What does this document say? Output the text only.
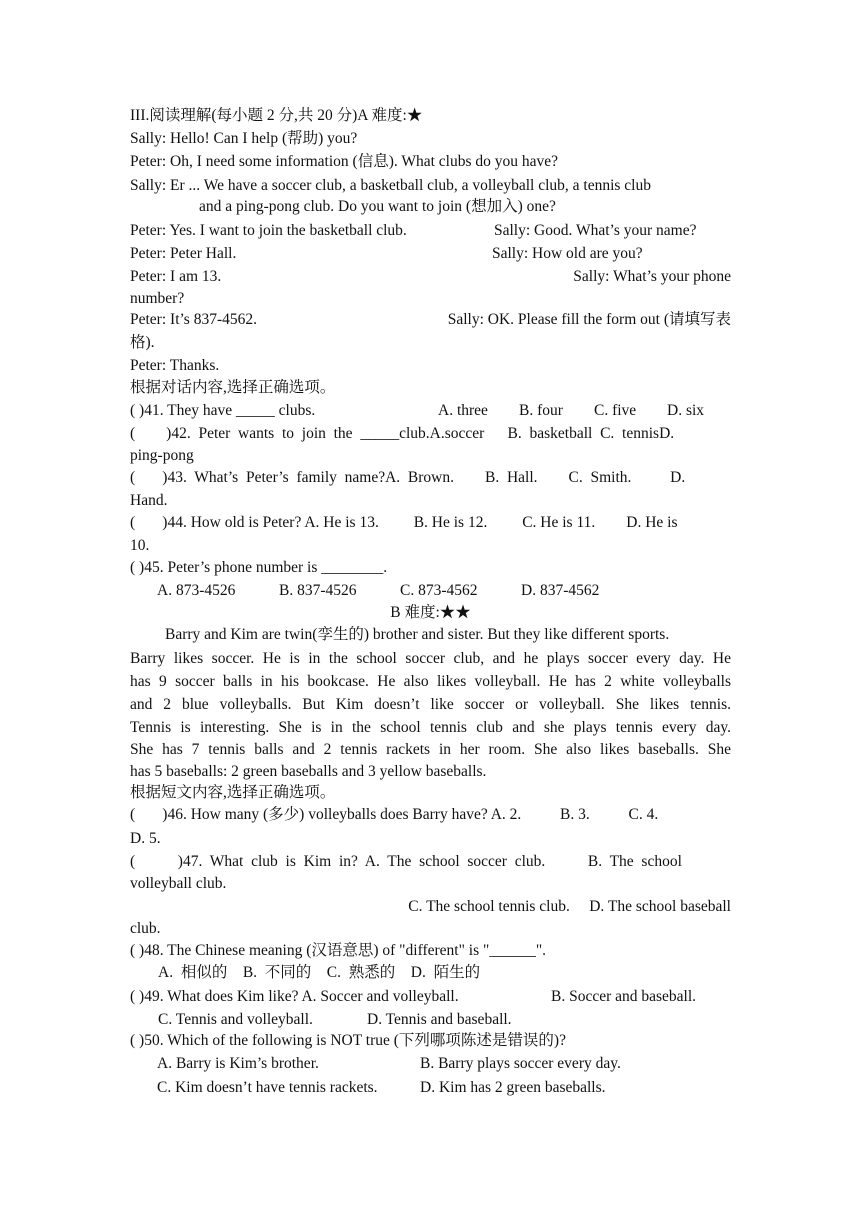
III.阅读理解(每小题 2 分,共 20 分)A 难度:★
Sally: Hello! Can I help (帮助) you?
Peter: Oh, I need some information (信息). What clubs do you have?
Sally: Er ... We have a soccer club, a basketball club, a volleyball club, a tennis club
and a ping-pong club. Do you want to join (想加入) one?
Peter: Yes. I want to join the basketball club.	Sally: Good. What’s your name?
Peter: Peter Hall.	Sally: How old are you?
Peter: I am 13.	Sally: What’s your phone
number?
Peter: It’s 837-4562.	Sally: OK. Please fill the form out (请填写表
格).
Peter: Thanks.
根据对话内容,选择正确选项。
( )41. They have _____ clubs.	A. three B. four C. five D. six
(        )42.  Peter  wants  to  join  the  _____club.A.soccer      B.  basketball  C.  tennisD.
ping-pong
(       )43.  What’s  Peter’s  family  name?A.  Brown.        B.  Hall.        C.  Smith.          D.
Hand.
(       )44. How old is Peter? A. He is 13.         B. He is 12.         C. He is 11.        D. He is
10.
( )45. Peter’s phone number is ________.
A. 873-4526	B. 837-4526	C. 873-4562	D. 837-4562
B 难度:★★
Barry and Kim are twin(孪生的) brother and sister. But they like different sports.
Barry likes soccer. He is in the school soccer club, and he plays soccer every day. He
has 9 soccer balls in his bookcase. He also likes volleyball. He has 2 white volleyballs
and 2 blue volleyballs. But Kim doesn’t like soccer or volleyball. She likes tennis.
Tennis is interesting. She is in the school tennis club and she plays tennis every day.
She has 7 tennis balls and 2 tennis rackets in her room. She also likes baseballs. She
has 5 baseballs: 2 green baseballs and 3 yellow baseballs.
根据短文内容,选择正确选项。
(       )46. How many (多少) volleyballs does Barry have? A. 2.          B. 3.          C. 4.
D. 5.
(           )47.  What  club  is  Kim  in?  A.  The  school  soccer  club.           B.  The  school
volleyball club.
C. The school tennis club.     D. The school baseball
club.
( )48. The Chinese meaning (汉语意思) of "different" is "______".
A.  相似的    B.  不同的    C.  熟悉的    D.  陌生的
( )49. What does Kim like? A. Soccer and volleyball.	B. Soccer and baseball.
C. Tennis and volleyball.	D. Tennis and baseball.
( )50. Which of the following is NOT true (下列哪项陈述是错误的)?
A. Barry is Kim’s brother.	B. Barry plays soccer every day.
C. Kim doesn’t have tennis rackets.	D. Kim has 2 green baseballs.
